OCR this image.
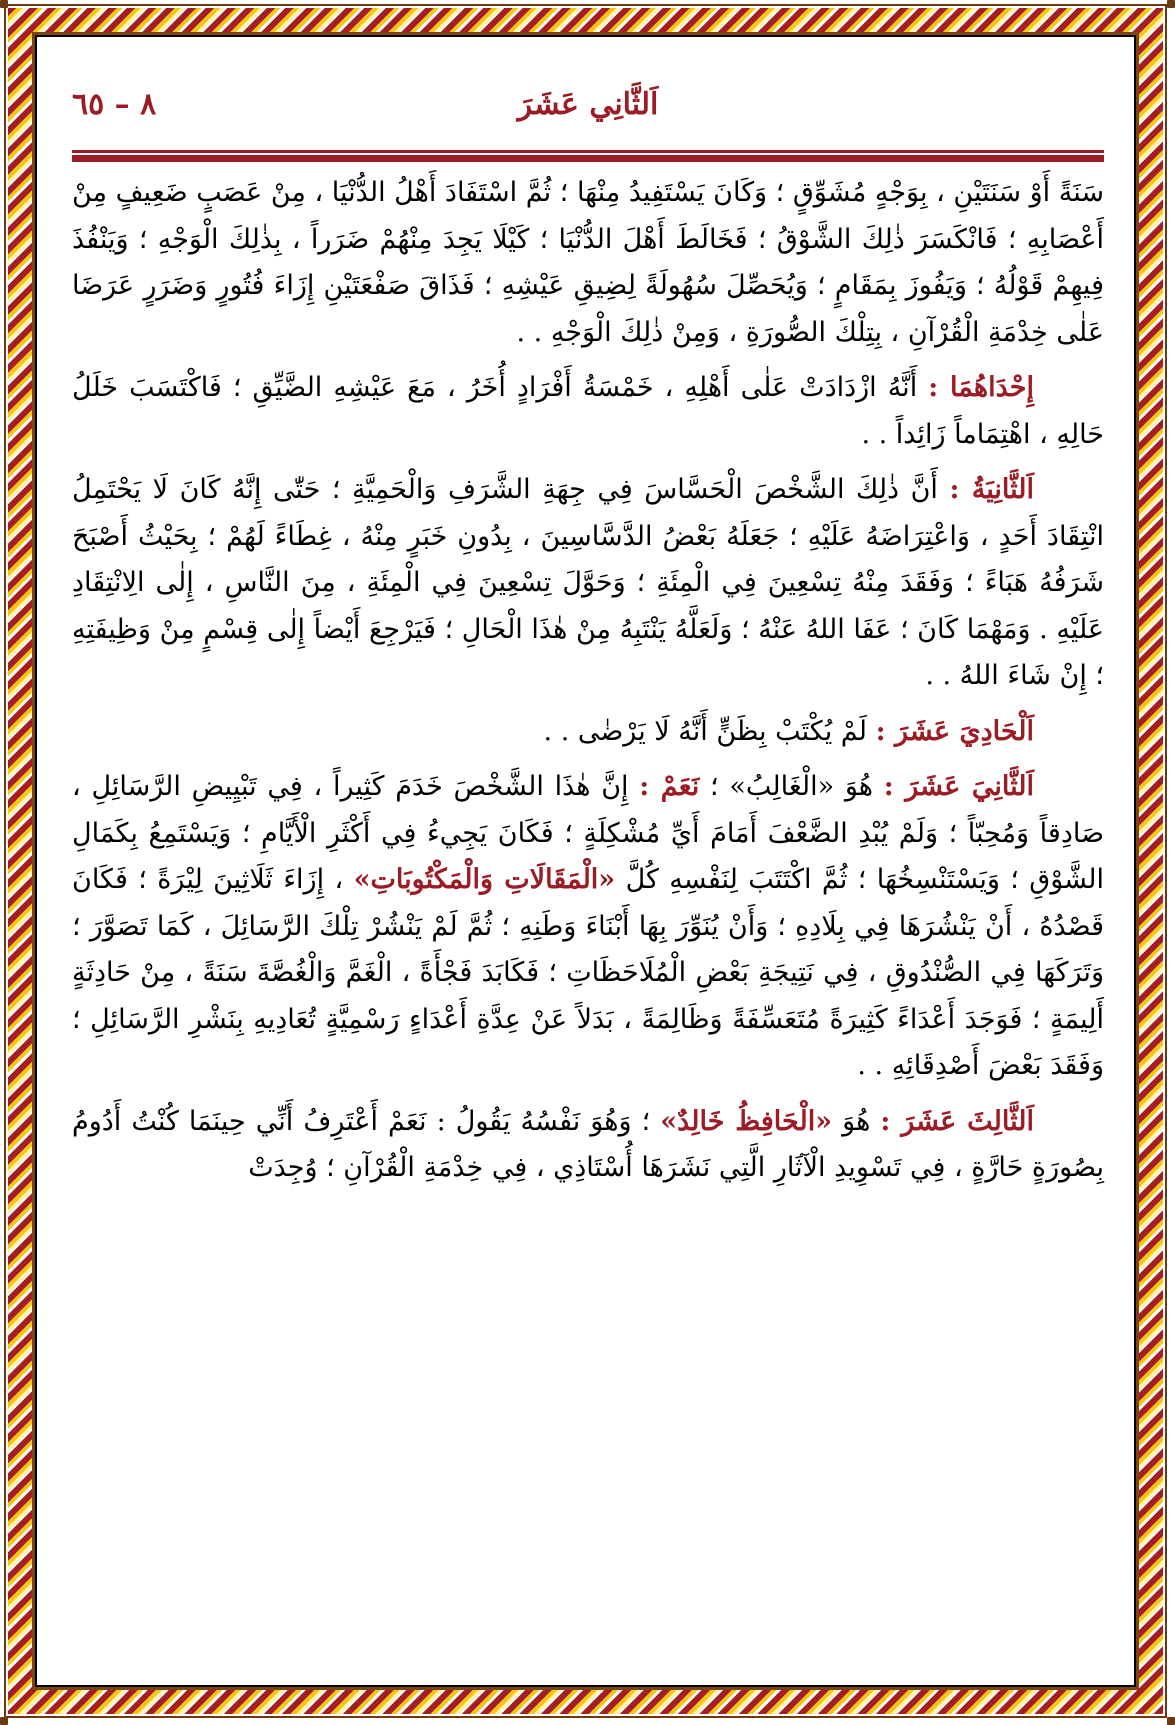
اَلثَّانِي عَشَرَ
٨ – ٦٥

سَنَةً أَوْ سَنَتَيْنِ ، بِوَجْهٍ مُشَوِّقٍ ؛ وَكَانَ يَسْتَفِيدُ مِنْهَا ؛ ثُمَّ اسْتَفَادَ أَهْلُ الدُّنْيَا ، مِنْ عَصَبٍ ضَعِيفٍ مِنْ أَعْصَابِهِ ؛ فَانْكَسَرَ ذٰلِكَ الشَّوْقُ ؛ فَخَالَطَ أَهْلَ الدُّنْيَا ؛ كَيْلَا يَجِدَ مِنْهُمْ ضَرَراً ، بِذٰلِكَ الْوَجْهِ ؛ وَيَنْفُذَ فِيهِمْ قَوْلُهُ ؛ وَيَفُوزَ بِمَقَامٍ ؛ وَيُحَصِّلَ سُهُولَةً لِضِيقِ عَيْشِهِ ؛ فَذَاقَ صَفْعَتَيْنِ إِزَاءَ فُتُورٍ وَضَرَرٍ عَرَضَا عَلٰى خِدْمَةِ الْقُرْآنِ ، بِتِلْكَ الصُّورَةِ ، وَمِنْ ذٰلِكَ الْوَجْهِ . .

إِحْدَاهُمَا : أَنَّهُ ازْدَادَتْ عَلٰى أَهْلِهِ ، خَمْسَةُ أَفْرَادٍ أُخَرُ ، مَعَ عَيْشِهِ الضَّيِّقِ ؛ فَاكْتَسَبَ خَلَلُ حَالِهِ ، اهْتِمَاماً زَائِداً . .

اَلثَّانِيَةُ : أَنَّ ذٰلِكَ الشَّخْصَ الْحَسَّاسَ فِي جِهَةِ الشَّرَفِ وَالْحَمِيَّةِ ؛ حَتّٰى إِنَّهُ كَانَ لَا يَحْتَمِلُ انْتِقَادَ أَحَدٍ ، وَاعْتِرَاضَهُ عَلَيْهِ ؛ جَعَلَهُ بَعْضُ الدَّسَّاسِينَ ، بِدُونِ خَبَرٍ مِنْهُ ، غِطَاءً لَهُمْ ؛ بِحَيْثُ أَصْبَحَ شَرَفُهُ هَبَاءً ؛ وَفَقَدَ مِنْهُ تِسْعِينَ فِي الْمِئَةِ ؛ وَحَوَّلَ تِسْعِينَ فِي الْمِئَةِ ، مِنَ النَّاسِ ، إِلٰى الِانْتِقَادِ عَلَيْهِ . وَمَهْمَا كَانَ ؛ عَفَا اللهُ عَنْهُ ؛ وَلَعَلَّهُ يَنْتَبِهُ مِنْ هٰذَا الْحَالِ ؛ فَيَرْجِعَ أَيْضاً إِلٰى قِسْمٍ مِنْ وَظِيفَتِهِ ؛ إِنْ شَاءَ اللهُ . .

اَلْحَادِيَ عَشَرَ : لَمْ يُكْتَبْ بِظَنٍّ أَنَّهُ لَا يَرْضٰى . .

اَلثَّانِيَ عَشَرَ : هُوَ «الْغَالِبُ» ؛ نَعَمْ : إِنَّ هٰذَا الشَّخْصَ خَدَمَ كَثِيراً ، فِي تَبْيِيضِ الرَّسَائِلِ ، صَادِقاً وَمُحِبّاً ؛ وَلَمْ يُبْدِ الضَّعْفَ أَمَامَ أَيِّ مُشْكِلَةٍ ؛ فَكَانَ يَجِيءُ فِي أَكْثَرِ الْأَيَّامِ ؛ وَيَسْتَمِعُ بِكَمَالِ الشَّوْقِ ؛ وَيَسْتَنْسِخُهَا ؛ ثُمَّ اكْتَتَبَ لِنَفْسِهِ كُلَّ «الْمَقَالَاتِ وَالْمَكْتُوبَاتِ» ، إِزَاءَ ثَلَاثِينَ لِيْرَةً ؛ فَكَانَ قَصْدُهُ ، أَنْ يَنْشُرَهَا فِي بِلَادِهِ ؛ وَأَنْ يُنَوِّرَ بِهَا أَبْنَاءَ وَطَنِهِ ؛ ثُمَّ لَمْ يَنْشُرْ تِلْكَ الرَّسَائِلَ ، كَمَا تَصَوَّرَ ؛ وَتَرَكَهَا فِي الصُّنْدُوقِ ، فِي نَتِيجَةِ بَعْضِ الْمُلَاحَظَاتِ ؛ فَكَابَدَ فَجْأَةً ، الْغَمَّ وَالْغُصَّةَ سَنَةً ، مِنْ حَادِثَةٍ أَلِيمَةٍ ؛ فَوَجَدَ أَعْدَاءً كَثِيرَةً مُتَعَسِّفَةً وَظَالِمَةً ، بَدَلاً عَنْ عِدَّةِ أَعْدَاءٍ رَسْمِيَّةٍ تُعَادِيهِ بِنَشْرِ الرَّسَائِلِ ؛ وَفَقَدَ بَعْضَ أَصْدِقَائِهِ . .

اَلثَّالِثَ عَشَرَ : هُوَ «الْحَافِظُ خَالِدٌ» ؛ وَهُوَ نَفْسُهُ يَقُولُ : نَعَمْ أَعْتَرِفُ أَنِّي حِينَمَا كُنْتُ أَدُومُ بِصُورَةٍ حَارَّةٍ ، فِي تَسْوِيدِ الْآثَارِ الَّتِي نَشَرَهَا أُسْتَاذِي ، فِي خِدْمَةِ الْقُرْآنِ ؛ وُجِدَتْ
